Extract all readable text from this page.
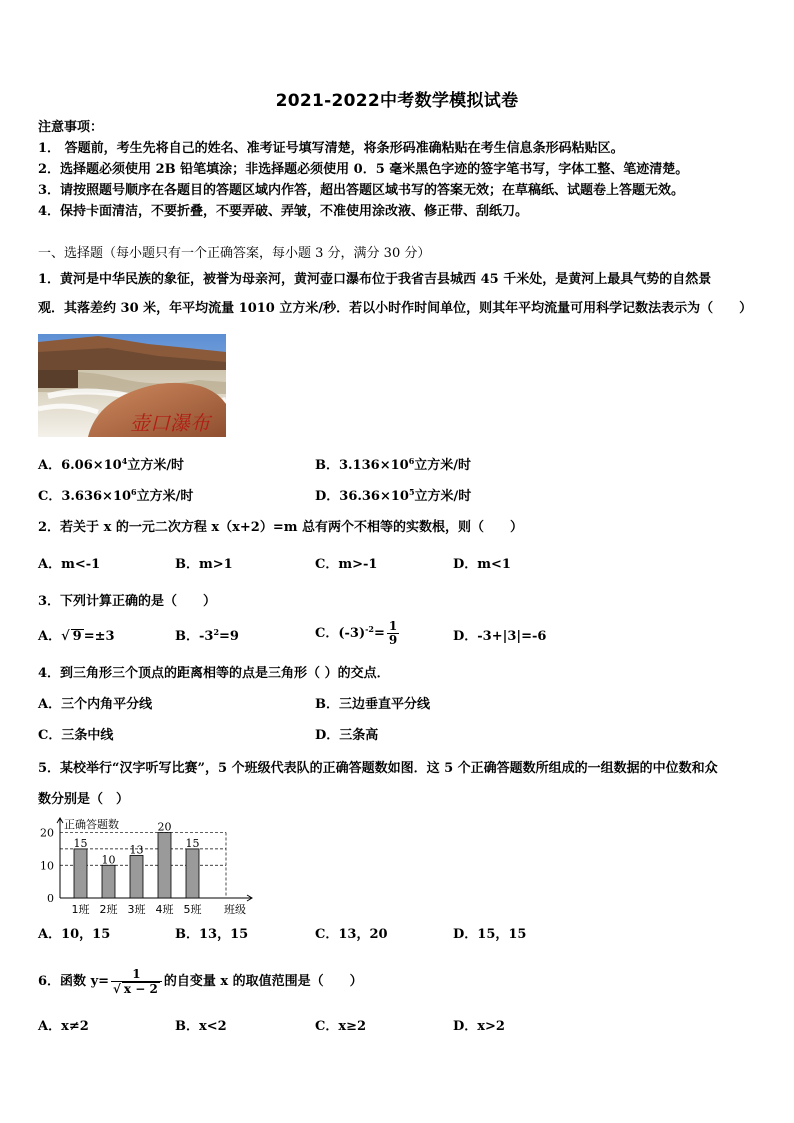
2021-2022中考数学模拟试卷
注意事项：
1． 答题前，考生先将自己的姓名、准考证号填写清楚，将条形码准确粘贴在考生信息条形码粘贴区。
2．选择题必须使用 2B 铅笔填涂；非选择题必须使用 0．5 毫米黑色字迹的签字笔书写，字体工整、笔迹清楚。
3．请按照题号顺序在各题目的答题区域内作答，超出答题区域书写的答案无效；在草稿纸、试题卷上答题无效。
4．保持卡面清洁，不要折叠，不要弄破、弄皱，不准使用涂改液、修正带、刮纸刀。
一、选择题（每小题只有一个正确答案，每小题 3 分，满分 30 分）
1．黄河是中华民族的象征，被誉为母亲河，黄河壶口瀑布位于我省吉县城西 45 千米处，是黄河上最具气势的自然景
观．其落差约 30 米，年平均流量 1010 立方米/秒．若以小时作时间单位，则其年平均流量可用科学记数法表示为（　　）
壶口瀑布
A．$6.06\times 10^4$立方米/时	B．$3.136\times 10^6$立方米/时
C．$3.636\times 10^6$立方米/时	D．$36.36\times 10^5$立方米/时
2．若关于 x 的一元二次方程 x（x+2）=m 总有两个不相等的实数根，则（　　）
A．m<-1	B．m>1	C．m>-1	D．m<1
3．下列计算正确的是（　　）
A．√ 9 =±3	B．$-3^2=9$	C．$(-3)^{-2}= \frac{1}{9}$	D．-3+|3|=-6
4．到三角形三个顶点的距离相等的点是三角形（ ）的交点．
A．三个内角平分线	B．三边垂直平分线
C．三条中线	D．三条高
5．某校举行“汉字听写比赛”，5 个班级代表队的正确答题数如图．这 5 个正确答题数所组成的一组数据的中位数和众
数分别是（　）
正确答题数
0
10
20
15
1班
10
2班
13
3班
20
4班
15
5班 班级
A．10，15	B．13，15	C．13，20	D．15，15
6．函数 $y= \frac{1}{√ x - 2}$ 的自变量 x 的取值范围是（　　）
A．x≠2	B．x<2	C．x≥2	D．x>2
